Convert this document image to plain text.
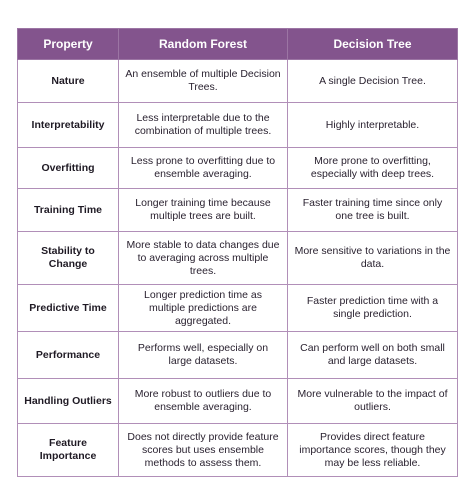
Property	Random Forest	Decision Tree
Nature	An ensemble of multiple Decision Trees.	A single Decision Tree.
Interpretability	Less interpretable due to the combination of multiple trees.	Highly interpretable.
Overfitting	Less prone to overfitting due to ensemble averaging.	More prone to overfitting, especially with deep trees.
Training Time	Longer training time because multiple trees are built.	Faster training time since only one tree is built.
Stability to Change	More stable to data changes due to averaging across multiple trees.	More sensitive to variations in the data.
Predictive Time	Longer prediction time as multiple predictions are aggregated.	Faster prediction time with a single prediction.
Performance	Performs well, especially on large datasets.	Can perform well on both small and large datasets.
Handling Outliers	More robust to outliers due to ensemble averaging.	More vulnerable to the impact of outliers.
Feature Importance	Does not directly provide feature scores but uses ensemble methods to assess them.	Provides direct feature importance scores, though they may be less reliable.
